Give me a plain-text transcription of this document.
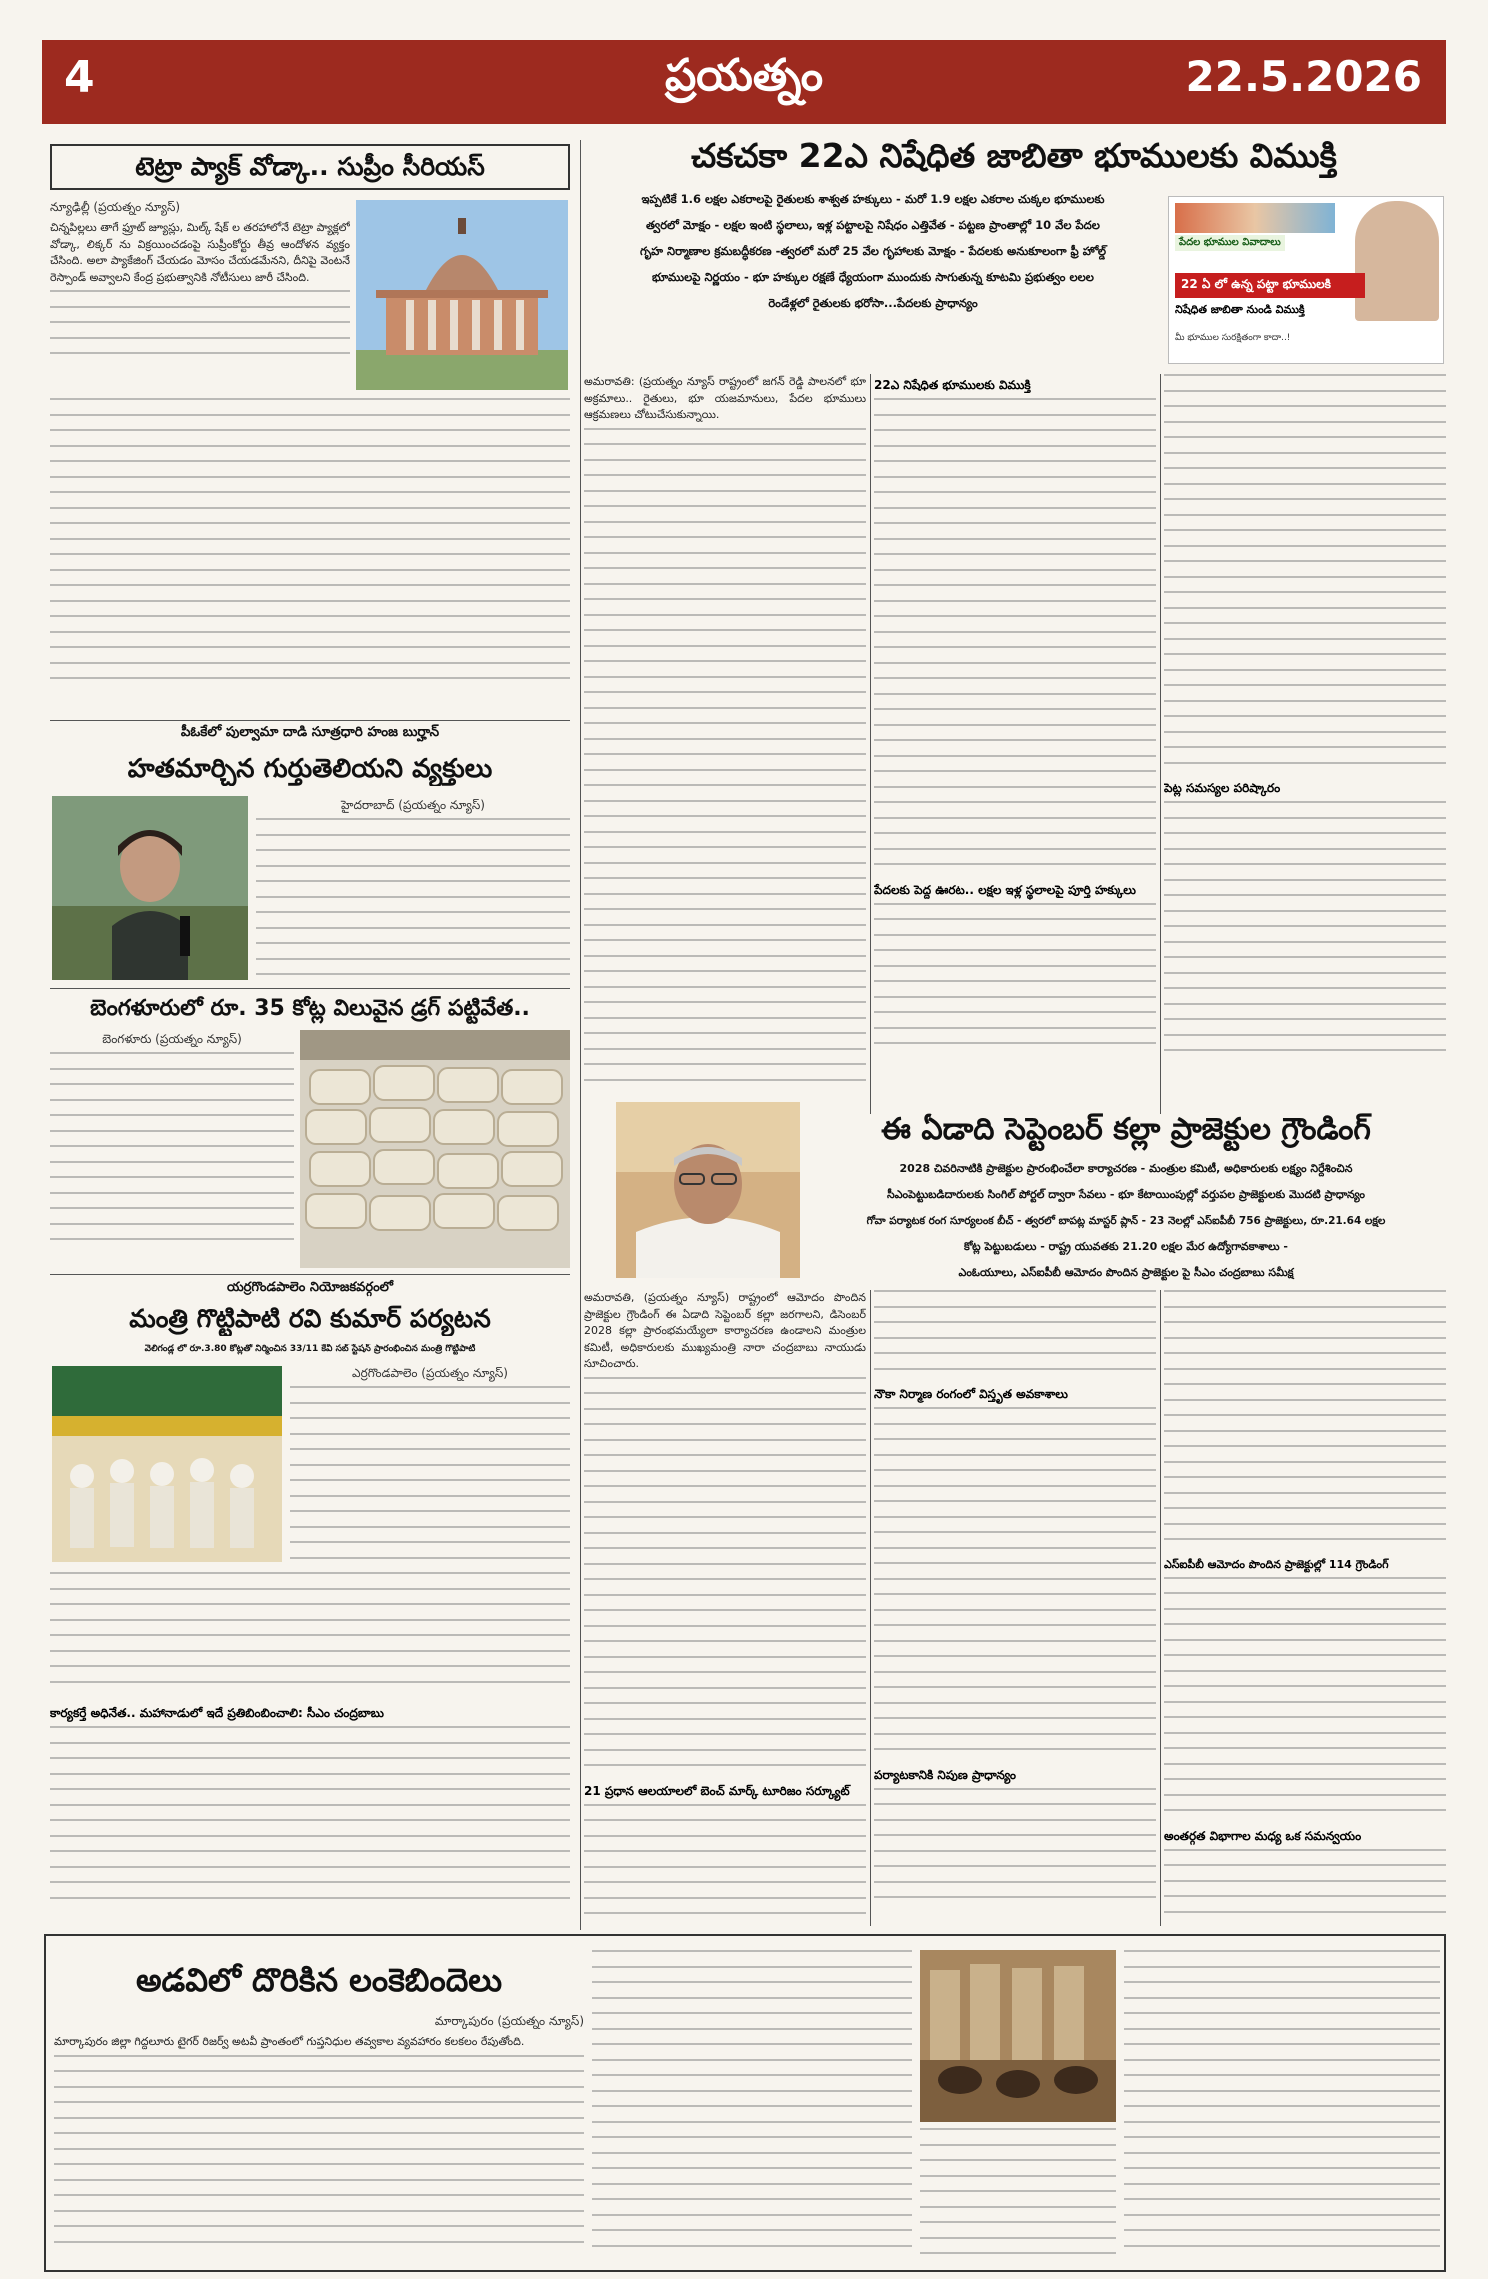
4	ప్రయత్నం	22.5.2026
టెట్రా ప్యాక్ వోడ్కా.. సుప్రీం సీరియస్
న్యూఢిల్లీ (ప్రయత్నం న్యూస్)
చిన్నపిల్లలు తాగే ఫ్రూట్ జ్యూస్లు, మిల్క్ షేక్ ల తరహాలోనే టెట్రా ప్యాక్లలో వోడ్కా, లిక్కర్ ను విక్రయించడంపై సుప్రీంకోర్టు తీవ్ర ఆందోళన వ్యక్తం చేసింది. అలా ప్యాకేజింగ్ చేయడం మోసం చేయడమేనని, దీనిపై వెంటనే రెస్పాండ్ అవ్వాలని కేంద్ర ప్రభుత్వానికి నోటీసులు జారీ చేసింది.
పీఓకేలో పుల్వామా దాడి సూత్రధారి హంజ బుర్హాన్
హతమార్చిన గుర్తుతెలియని వ్యక్తులు
హైదరాబాద్ (ప్రయత్నం న్యూస్)
బెంగళూరులో రూ. 35 కోట్ల విలువైన డ్రగ్ పట్టివేత..
బెంగళూరు (ప్రయత్నం న్యూస్)
యర్రగొండపాలెం నియోజకవర్గంలో
మంత్రి గొట్టిపాటి రవి కుమార్ పర్యటన
వెలిగండ్ల లో రూ.3.80 కోట్లతో నిర్మించిన 33/11 కేవీ సబ్ స్టేషన్ ప్రారంభించిన మంత్రి గొట్టిపాటి
ఎర్రగొండపాలెం (ప్రయత్నం న్యూస్)
కార్యకర్తే అధినేత.. మహానాడులో ఇదే ప్రతిబింబించాలి: సీఎం చంద్రబాబు
చకచకా 22ఎ నిషేధిత జాబితా భూములకు విముక్తి
ఇప్పటికే 1.6 లక్షల ఎకరాలపై రైతులకు శాశ్వత హక్కులు - మరో 1.9 లక్షల ఎకరాల చుక్కల భూములకు
త్వరలో మోక్షం - లక్షల ఇంటి స్థలాలు, ఇళ్ల పట్టాలపై నిషేధం ఎత్తివేత - పట్టణ ప్రాంతాల్లో 10 వేల పేదల
గృహ నిర్మాణాల క్రమబద్ధీకరణ -త్వరలో మరో 25 వేల గృహాలకు మోక్షం - పేదలకు అనుకూలంగా ఫ్రీ హోల్డ్
భూములపై నిర్ణయం - భూ హక్కుల రక్షణే ధ్యేయంగా ముందుకు సాగుతున్న కూటమి ప్రభుత్వం లలల
రెండేళ్లలో రైతులకు భరోసా...పేదలకు ప్రాధాన్యం
పేదల భూముల వివాదాలు
22 ఏ లో ఉన్న పట్టా భూములకి
నిషేధిత జాబితా నుండి విముక్తి
మీ భూముల సురక్షితంగా కాదా..!
అమరావతి: (ప్రయత్నం న్యూస్ రాష్ట్రంలో జగన్ రెడ్డి పాలనలో భూ అక్రమాలు.. రైతులు, భూ యజమానులు, పేదల భూములు ఆక్రమణలు చోటుచేసుకున్నాయి.
22ఎ నిషేధిత భూములకు విముక్తి
పేదలకు పెద్ద ఊరట.. లక్షల ఇళ్ల స్థలాలపై పూర్తి హక్కులు
పెట్ల సమస్యల పరిష్కారం
ఈ ఏడాది సెప్టెంబర్ కల్లా ప్రాజెక్టుల గ్రౌండింగ్
2028 చివరినాటికి ప్రాజెక్టుల ప్రారంభించేలా కార్యాచరణ - మంత్రుల కమిటీ, అధికారులకు లక్ష్యం నిర్దేశించిన
సీఎంపెట్టుబడిదారులకు సింగిల్ పోర్టల్ ద్వారా సేవలు - భూ కేటాయింపుల్లో వర్తుపల ప్రాజెక్టులకు మొదటి ప్రాధాన్యం
గోవా పర్యాటక రంగ సూర్యలంక బీచ్ - త్వరలో బాపట్ల మాస్టర్ ప్లాన్ - 23 నెలల్లో ఎస్ఐపీబీ 756 ప్రాజెక్టులు, రూ.21.64 లక్షల
కోట్ల పెట్టుబడులు - రాష్ట్ర యువతకు 21.20 లక్షల మేర ఉద్యోగావకాశాలు -
ఎంఓయూలు, ఎస్ఐపీబీ ఆమోదం పొందిన ప్రాజెక్టుల పై సీఎం చంద్రబాబు సమీక్ష
అమరావతి, (ప్రయత్నం న్యూస్) రాష్ట్రంలో ఆమోదం పొందిన ప్రాజెక్టుల గ్రౌండింగ్ ఈ ఏడాది సెప్టెంబర్ కల్లా జరగాలని, డిసెంబర్ 2028 కల్లా ప్రారంభమయ్యేలా కార్యాచరణ ఉండాలని మంత్రుల కమిటీ, అధికారులకు ముఖ్యమంత్రి నారా చంద్రబాబు నాయుడు సూచించారు.
21 ప్రధాన ఆలయాలలో బెంచ్ మార్క్ టూరిజం సర్క్యూట్
నౌకా నిర్మాణ రంగంలో విస్తృత అవకాశాలు
పర్యాటకానికి నిపుణ ప్రాధాన్యం
ఎస్ఐపీబీ ఆమోదం పొందిన ప్రాజెక్టుల్లో 114 గ్రౌండింగ్
అంతర్గత విభాగాల మధ్య ఒక సమన్వయం
అడవిలో దొరికిన లంకెబిందెలు
మార్కాపురం (ప్రయత్నం న్యూస్)
మార్కాపురం జిల్లా గిద్దలూరు టైగర్ రిజర్వ్ అటవీ ప్రాంతంలో గుప్తనిధుల తవ్వకాల వ్యవహారం కలకలం రేపుతోంది.
